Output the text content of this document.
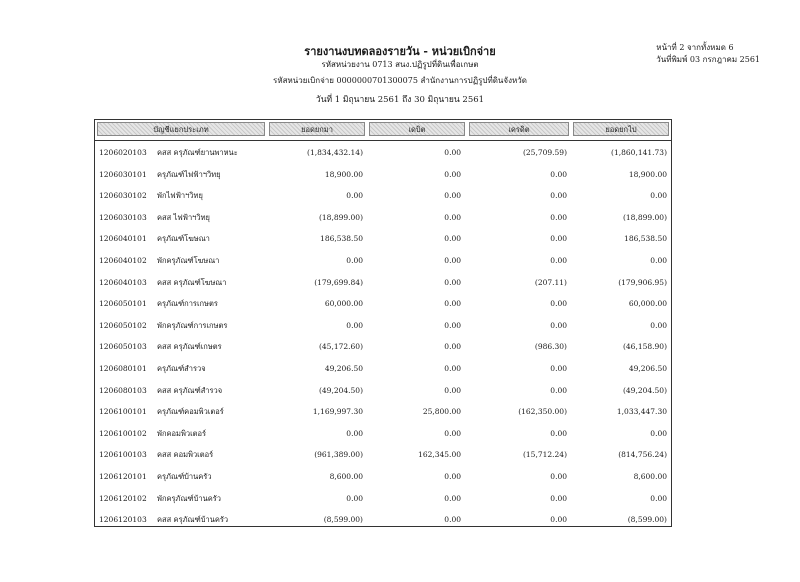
รายงานงบทดลองรายวัน - หน่วยเบิกจ่าย
รหัสหน่วยงาน 0713 สนง.ปฏิรูปที่ดินเพื่อเกษต
รหัสหน่วยเบิกจ่าย 0000000701300075 สำนักงานการปฏิรูปที่ดินจังหวัด
วันที่ 1 มิถุนายน 2561 ถึง 30 มิถุนายน 2561
หน้าที่ 2 จากทั้งหมด 6
วันที่พิมพ์ 03 กรกฎาคม 2561
บัญชีแยกประเภท	ยอดยกมา	เดบิต	เครดิต	ยอดยกไป
1206020103	คสส ครุภัณฑ์ยานพาหนะ	(1,834,432.14)	0.00	(25,709.59)	(1,860,141.73)
1206030101	ครุภัณฑ์ไฟฟ้าฯวิทยุ	18,900.00	0.00	0.00	18,900.00
1206030102	พักไฟฟ้าฯวิทยุ	0.00	0.00	0.00	0.00
1206030103	คสส ไฟฟ้าฯวิทยุ	(18,899.00)	0.00	0.00	(18,899.00)
1206040101	ครุภัณฑ์โฆษณา	186,538.50	0.00	0.00	186,538.50
1206040102	พักครุภัณฑ์โฆษณา	0.00	0.00	0.00	0.00
1206040103	คสส ครุภัณฑ์โฆษณา	(179,699.84)	0.00	(207.11)	(179,906.95)
1206050101	ครุภัณฑ์การเกษตร	60,000.00	0.00	0.00	60,000.00
1206050102	พักครุภัณฑ์การเกษตร	0.00	0.00	0.00	0.00
1206050103	คสส ครุภัณฑ์เกษตร	(45,172.60)	0.00	(986.30)	(46,158.90)
1206080101	ครุภัณฑ์สำรวจ	49,206.50	0.00	0.00	49,206.50
1206080103	คสส ครุภัณฑ์สำรวจ	(49,204.50)	0.00	0.00	(49,204.50)
1206100101	ครุภัณฑ์คอมพิวเตอร์	1,169,997.30	25,800.00	(162,350.00)	1,033,447.30
1206100102	พักคอมพิวเตอร์	0.00	0.00	0.00	0.00
1206100103	คสส คอมพิวเตอร์	(961,389.00)	162,345.00	(15,712.24)	(814,756.24)
1206120101	ครุภัณฑ์บ้านครัว	8,600.00	0.00	0.00	8,600.00
1206120102	พักครุภัณฑ์บ้านครัว	0.00	0.00	0.00	0.00
1206120103	คสส ครุภัณฑ์บ้านครัว	(8,599.00)	0.00	0.00	(8,599.00)
